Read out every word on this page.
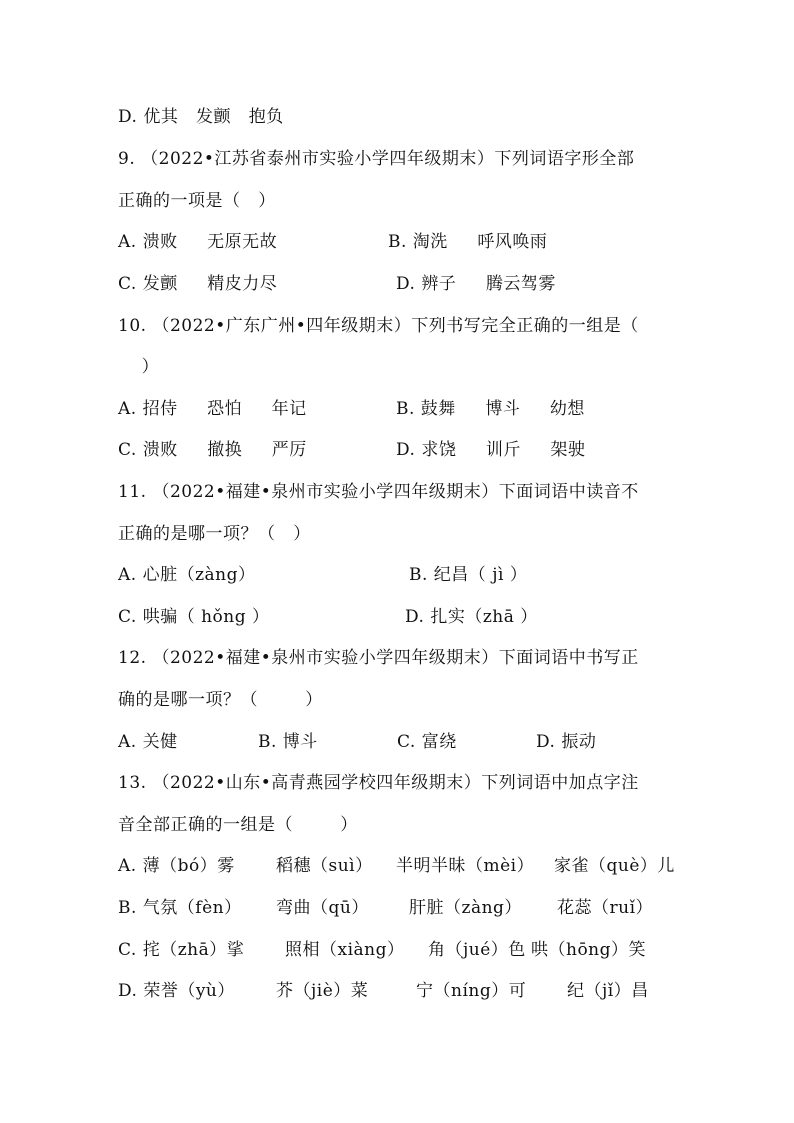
D. 优其   发颤   抱负
9. （2022•江苏省泰州市实验小学四年级期末）下列词语字形全部
正确的一项是（   ）
A. 溃败     无原无故	B. 淘洗     呼风唤雨
C. 发颤     精皮力尽	D. 辨子     腾云驾雾
10. （2022•广东广州•四年级期末）下列书写完全正确的一组是（
）
A. 招侍     恐怕     年记	B. 鼓舞     博斗     幼想
C. 溃败     撤换     严厉	D. 求饶     训斤     架驶
11. （2022•福建•泉州市实验小学四年级期末）下面词语中读音不
正确的是哪一项？（   ）
A. 心脏（zàng）	B. 纪昌（ jì ）
C. 哄骗（ hǒng ）	D. 扎实（zhā ）
12. （2022•福建•泉州市实验小学四年级期末）下面词语中书写正
确的是哪一项？（        ）
A. 关健	B. 博斗	C. 富绕	D. 振动
13. （2022•山东•高青燕园学校四年级期末）下列词语中加点字注
音全部正确的一组是（        ）
A. 薄（bó）雾 稻穗（suì） 半明半昧（mèi） 家雀（què）儿
B. 气氛（fèn） 弯曲（qū） 肝脏（zàng） 花蕊（ruǐ）
C. 挓（zhā）挲 照相（xiàng） 角（jué）色 哄（hōng）笑
D. 荣誉（yù） 芥（jiè）菜	宁（níng）可 纪（jǐ）昌
